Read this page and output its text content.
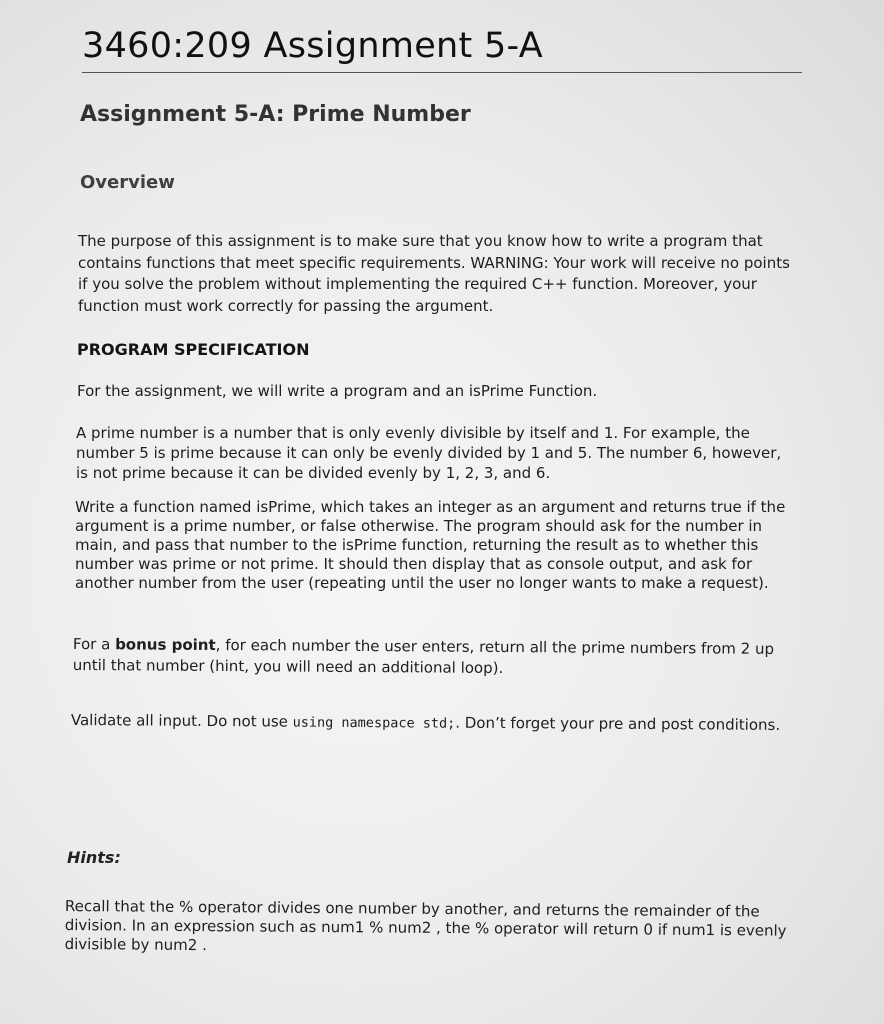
3460:209 Assignment 5-A
Assignment 5-A: Prime Number
Overview

The purpose of this assignment is to make sure that you know how to write a program that contains functions that meet specific requirements. WARNING: Your work will receive no points if you solve the problem without implementing the required C++ function. Moreover, your function must work correctly for passing the argument.

PROGRAM SPECIFICATION

For the assignment, we will write a program and an isPrime Function.

A prime number is a number that is only evenly divisible by itself and 1. For example, the number 5 is prime because it can only be evenly divided by 1 and 5. The number 6, however, is not prime because it can be divided evenly by 1, 2, 3, and 6.

Write a function named isPrime, which takes an integer as an argument and returns true if the argument is a prime number, or false otherwise. The program should ask for the number in main, and pass that number to the isPrime function, returning the result as to whether this number was prime or not prime. It should then display that as console output, and ask for another number from the user (repeating until the user no longer wants to make a request).

For a bonus point, for each number the user enters, return all the prime numbers from 2 up until that number (hint, you will need an additional loop).

Validate all input. Do not use using namespace std;. Don’t forget your pre and post conditions.

Hints:

Recall that the % operator divides one number by another, and returns the remainder of the division. In an expression such as num1 % num2 , the % operator will return 0 if num1 is evenly divisible by num2 .
